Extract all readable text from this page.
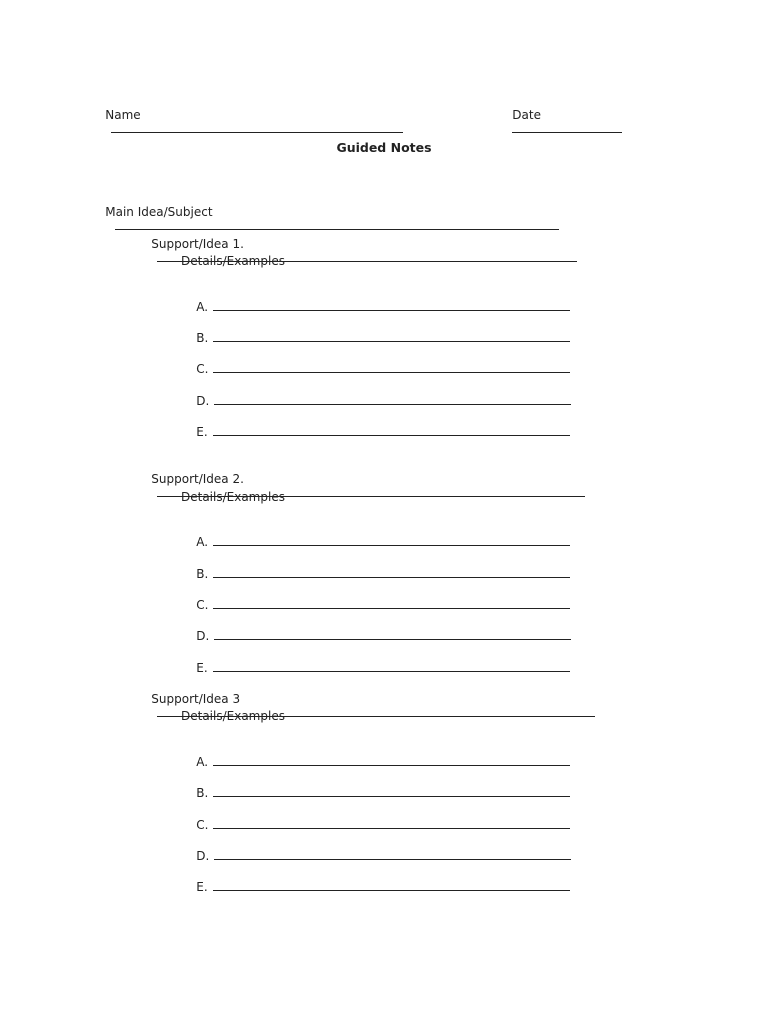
Name

	Date

Guided Notes

Main Idea/Subject

Support/Idea 1.

Details/Examples

A.

B.

C.

D.

E.

Support/Idea 2.

Details/Examples

A.

B.

C.

D.

E.

Support/Idea 3

Details/Examples

A.

B.

C.

D.

E.
